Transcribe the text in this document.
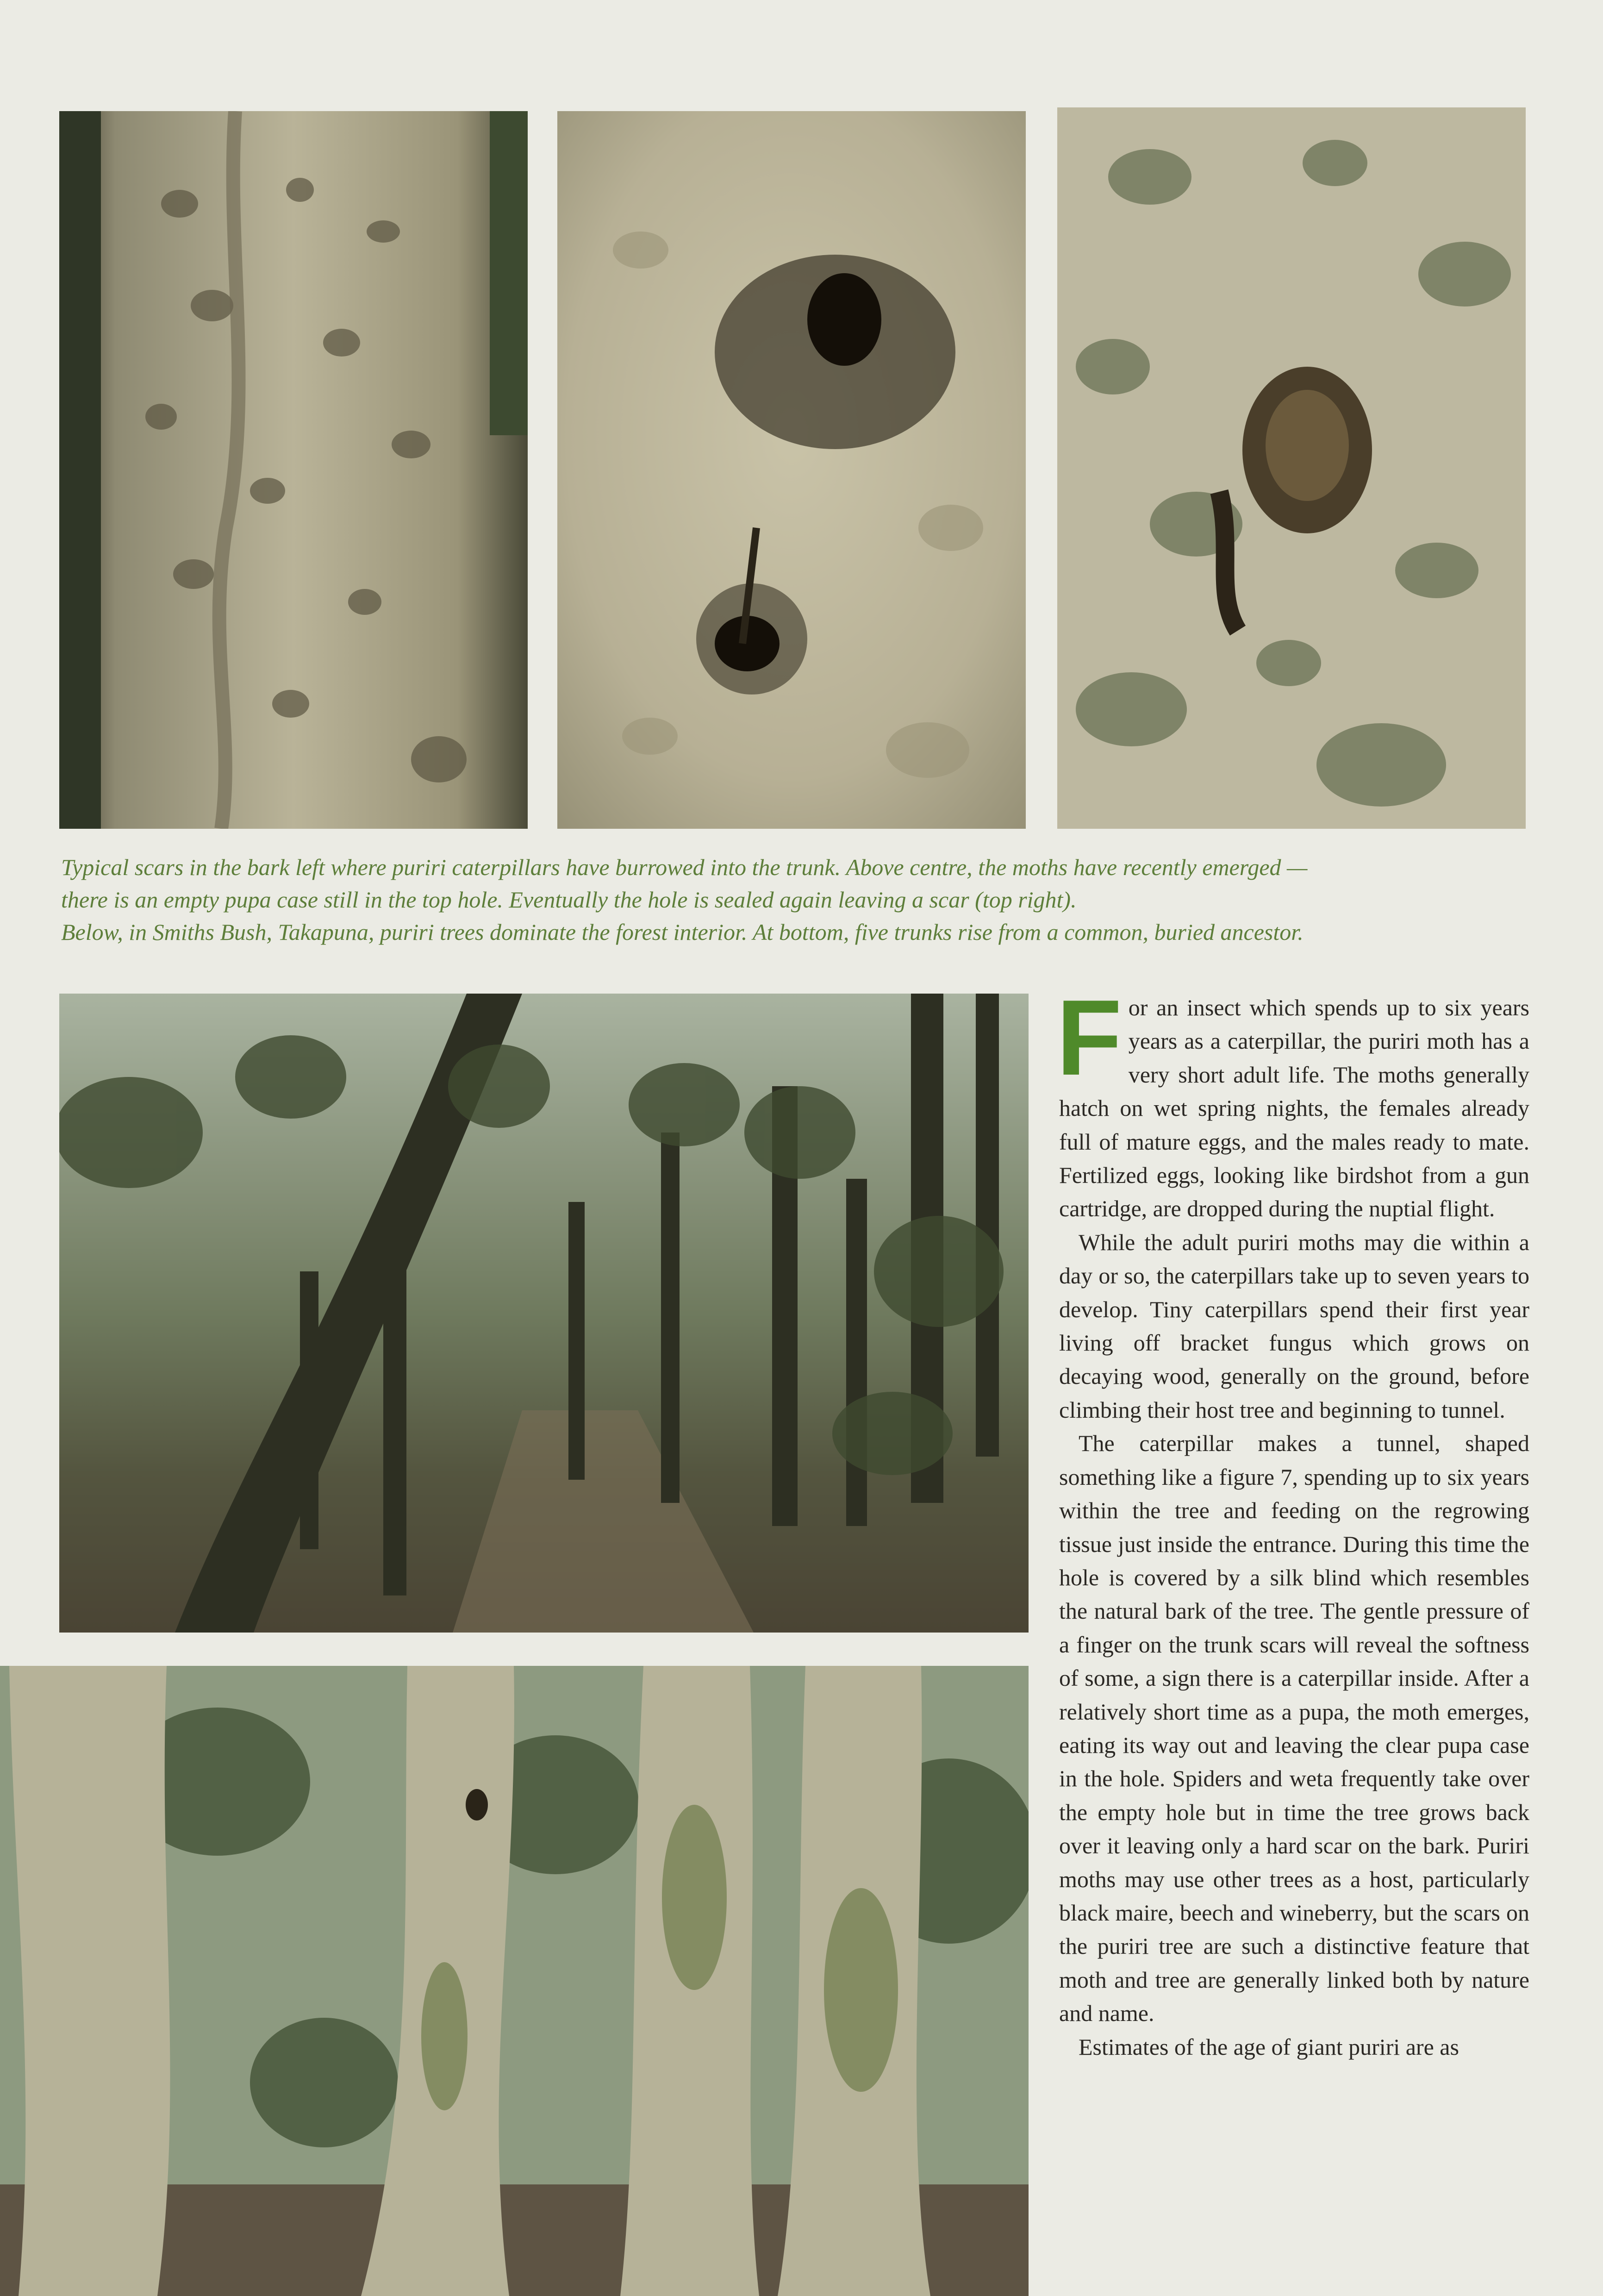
Typical scars in the bark left where puriri caterpillars have burrowed into the trunk. Above centre, the moths have recently emerged —
there is an empty pupa case still in the top hole. Eventually the hole is sealed again leaving a scar (top right).
Below, in Smiths Bush, Takapuna, puriri trees dominate the forest interior. At bottom, five trunks rise from a common, buried ancestor.

For an insect which spends up to six years years as a caterpillar, the puriri moth has a very short adult life. The moths generally hatch on wet spring nights, the females already full of mature eggs, and the males ready to mate. Fertilized eggs, looking like birdshot from a gun cartridge, are dropped during the nuptial flight.

While the adult puriri moths may die within a day or so, the caterpillars take up to seven years to develop. Tiny caterpillars spend their first year living off bracket fungus which grows on decaying wood, generally on the ground, before climbing their host tree and beginning to tunnel.

The caterpillar makes a tunnel, shaped something like a figure 7, spending up to six years within the tree and feeding on the regrowing tissue just inside the entrance. During this time the hole is covered by a silk blind which resembles the natural bark of the tree. The gentle pressure of a finger on the trunk scars will reveal the softness of some, a sign there is a caterpillar inside. After a relatively short time as a pupa, the moth emerges, eating its way out and leaving the clear pupa case in the hole. Spiders and weta frequently take over the empty hole but in time the tree grows back over it leaving only a hard scar on the bark. Puriri moths may use other trees as a host, particularly black maire, beech and wineberry, but the scars on the puriri tree are such a distinctive feature that moth and tree are generally linked both by nature and name.

Estimates of the age of giant puriri are as
